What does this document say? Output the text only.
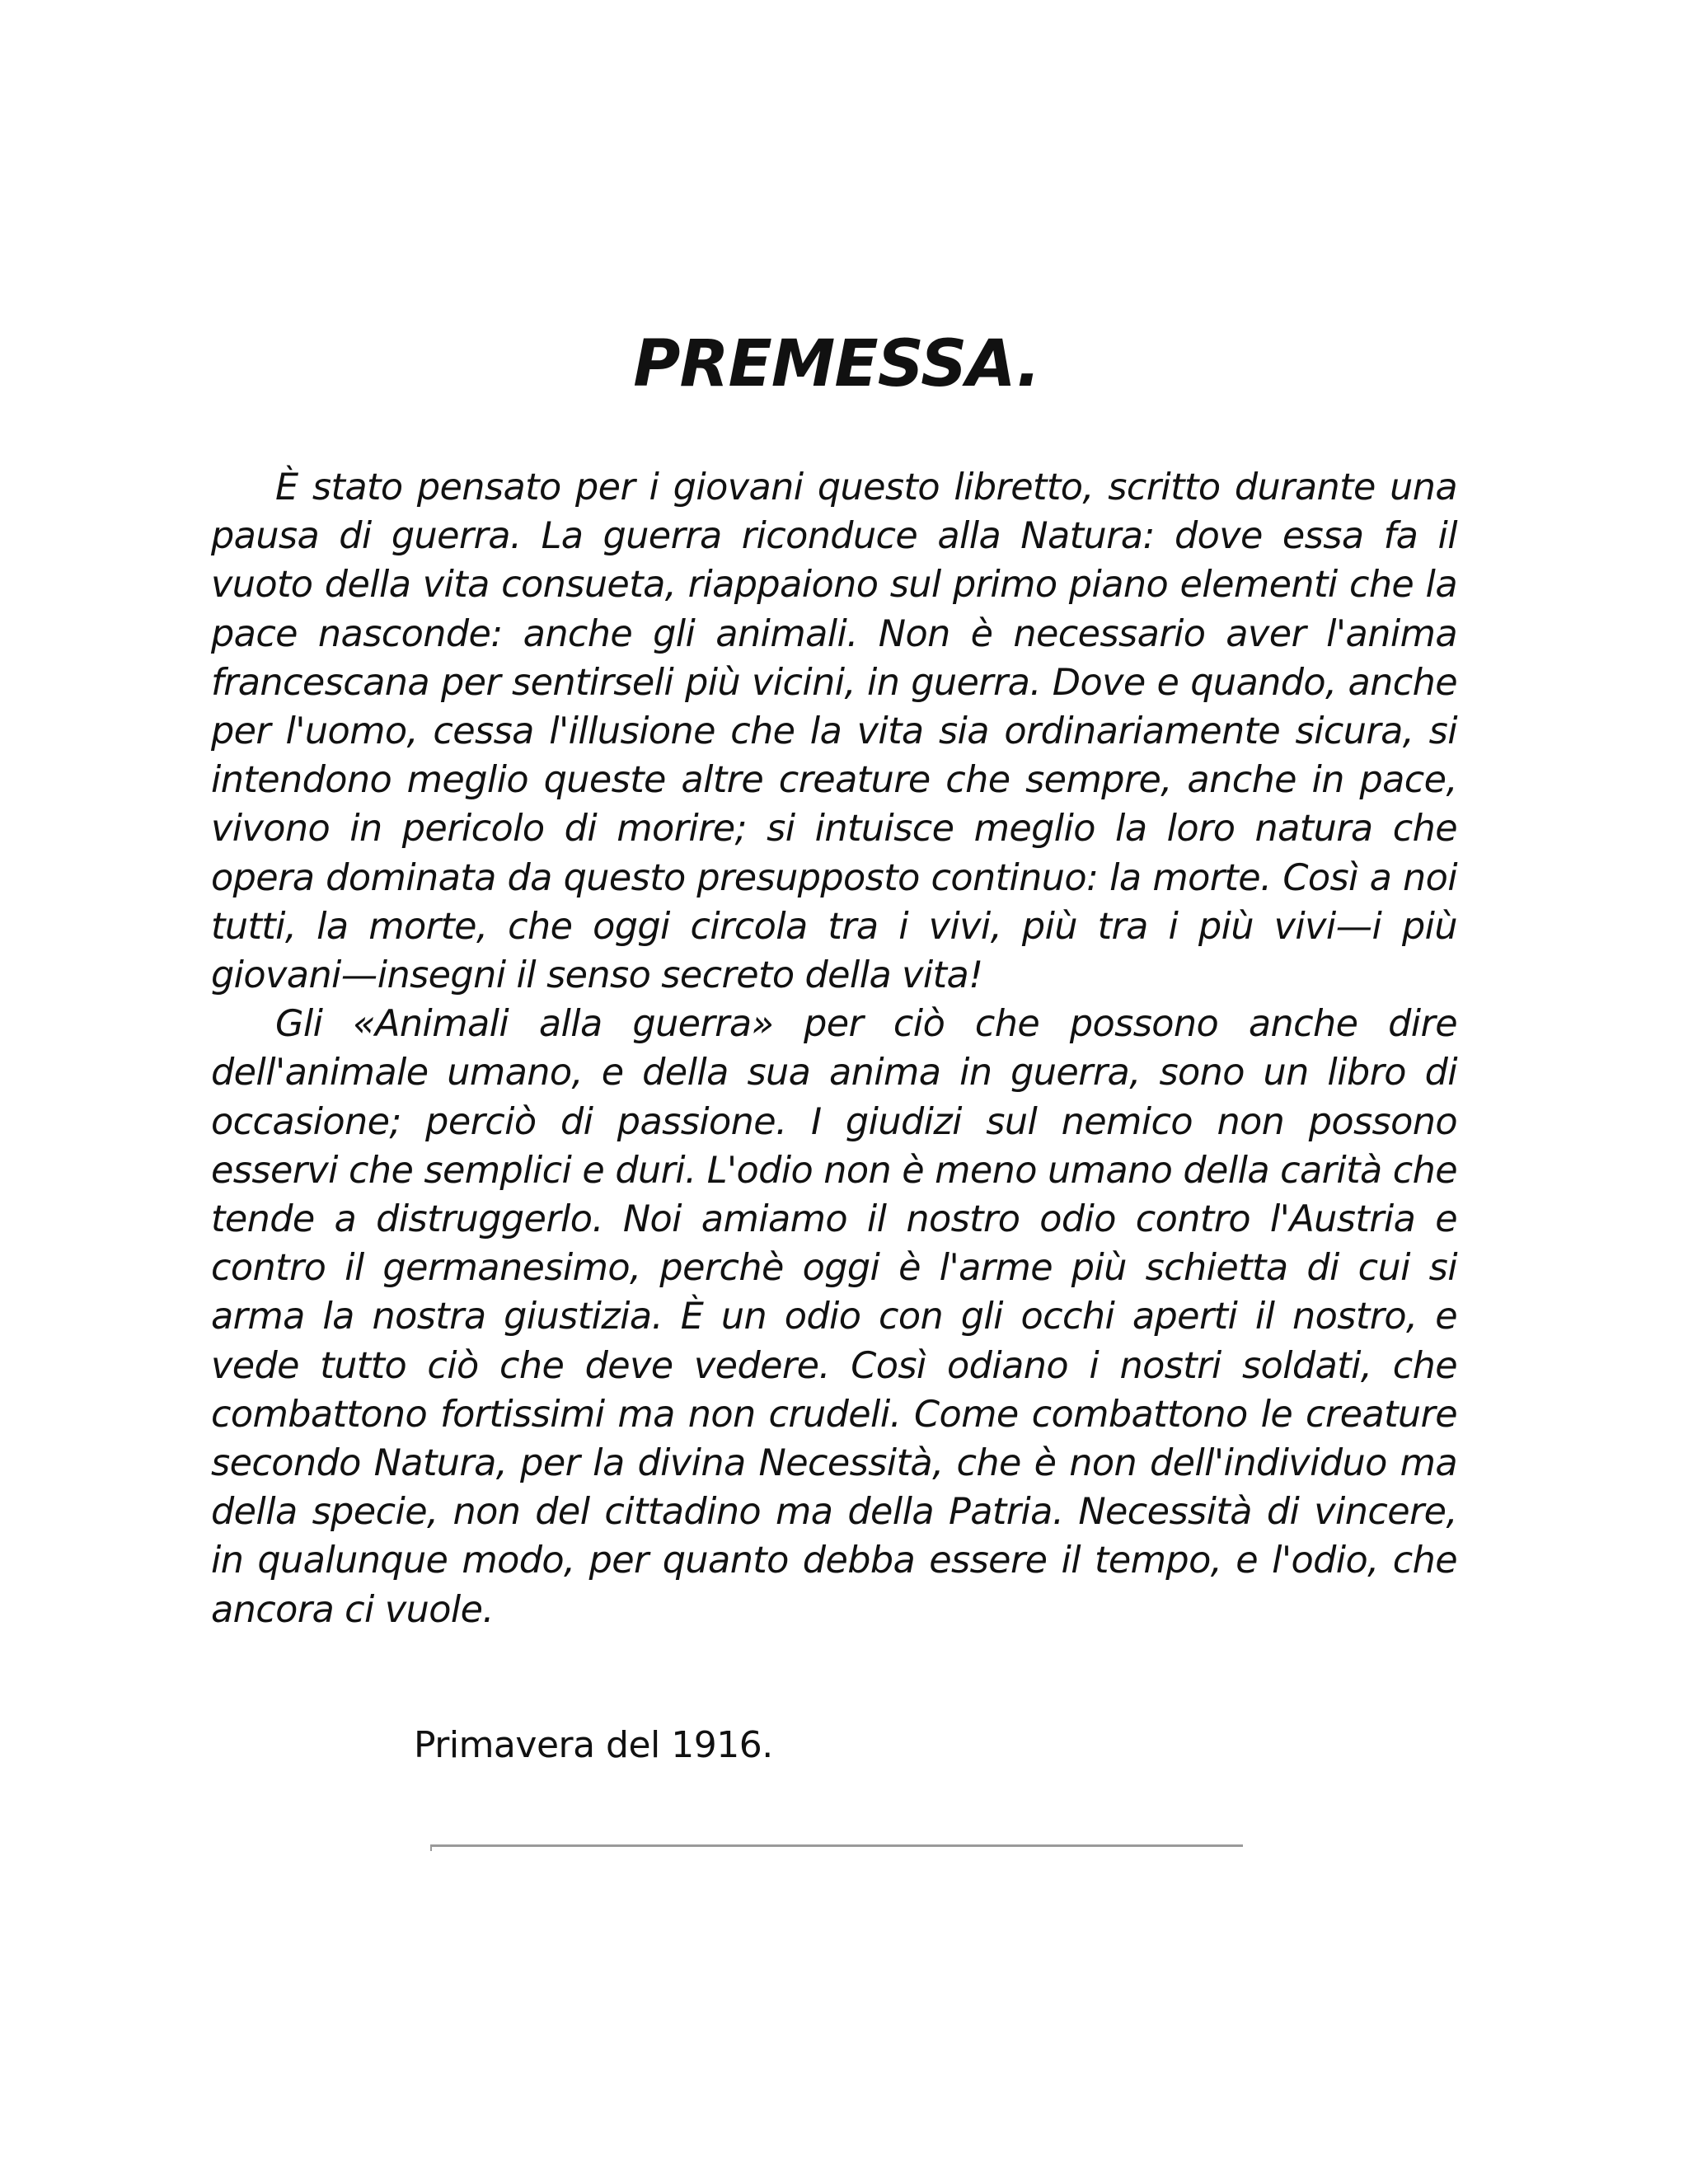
PREMESSA.

È stato pensato per i giovani questo libretto, scritto durante una pausa di guerra. La guerra riconduce alla Natura: dove essa fa il vuoto della vita consueta, riappaiono sul primo piano elementi che la pace nasconde: anche gli animali. Non è necessario aver l'anima francescana per sentirseli più vicini, in guerra. Dove e quando, anche per l'uomo, cessa l'illusione che la vita sia ordinariamente sicura, si intendono meglio queste altre creature che sempre, anche in pace, vivono in pericolo di morire; si intuisce meglio la loro natura che opera dominata da questo presupposto continuo: la morte. Così a noi tutti, la morte, che oggi circola tra i vivi, più tra i più vivi—i più giovani—insegni il senso secreto della vita!

Gli «Animali alla guerra» per ciò che possono anche dire dell'animale umano, e della sua anima in guerra, sono un libro di occasione; perciò di passione. I giudizi sul nemico non possono esservi che semplici e duri. L'odio non è meno umano della carità che tende a distruggerlo. Noi amiamo il nostro odio contro l'Austria e contro il germanesimo, perchè oggi è l'arme più schietta di cui si arma la nostra giustizia. È un odio con gli occhi aperti il nostro, e vede tutto ciò che deve vedere. Così odiano i nostri soldati, che combattono fortissimi ma non crudeli. Come combattono le creature secondo Natura, per la divina Necessità, che è non dell'individuo ma della specie, non del cittadino ma della Patria. Necessità di vincere, in qualunque modo, per quanto debba essere il tempo, e l'odio, che ancora ci vuole.

Primavera del 1916.
